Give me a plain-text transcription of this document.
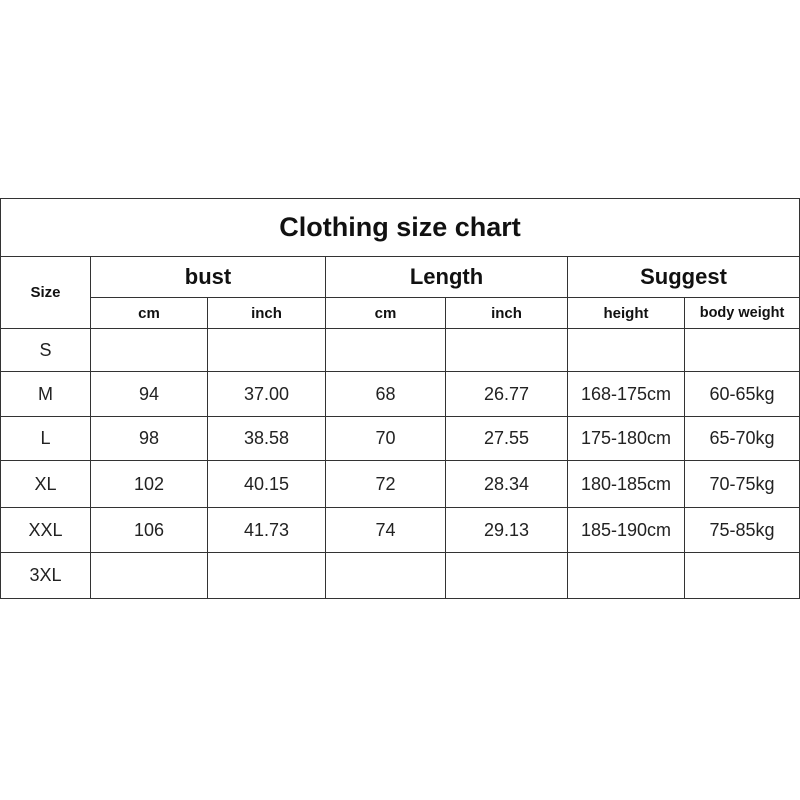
Clothing size chart						
Size	bust		Length		Suggest	
	cm	inch	cm	inch	height	body weight
S						
M	94	37.00	68	26.77	168-175cm	60-65kg
L	98	38.58	70	27.55	175-180cm	65-70kg
XL	102	40.15	72	28.34	180-185cm	70-75kg
XXL	106	41.73	74	29.13	185-190cm	75-85kg
3XL						
